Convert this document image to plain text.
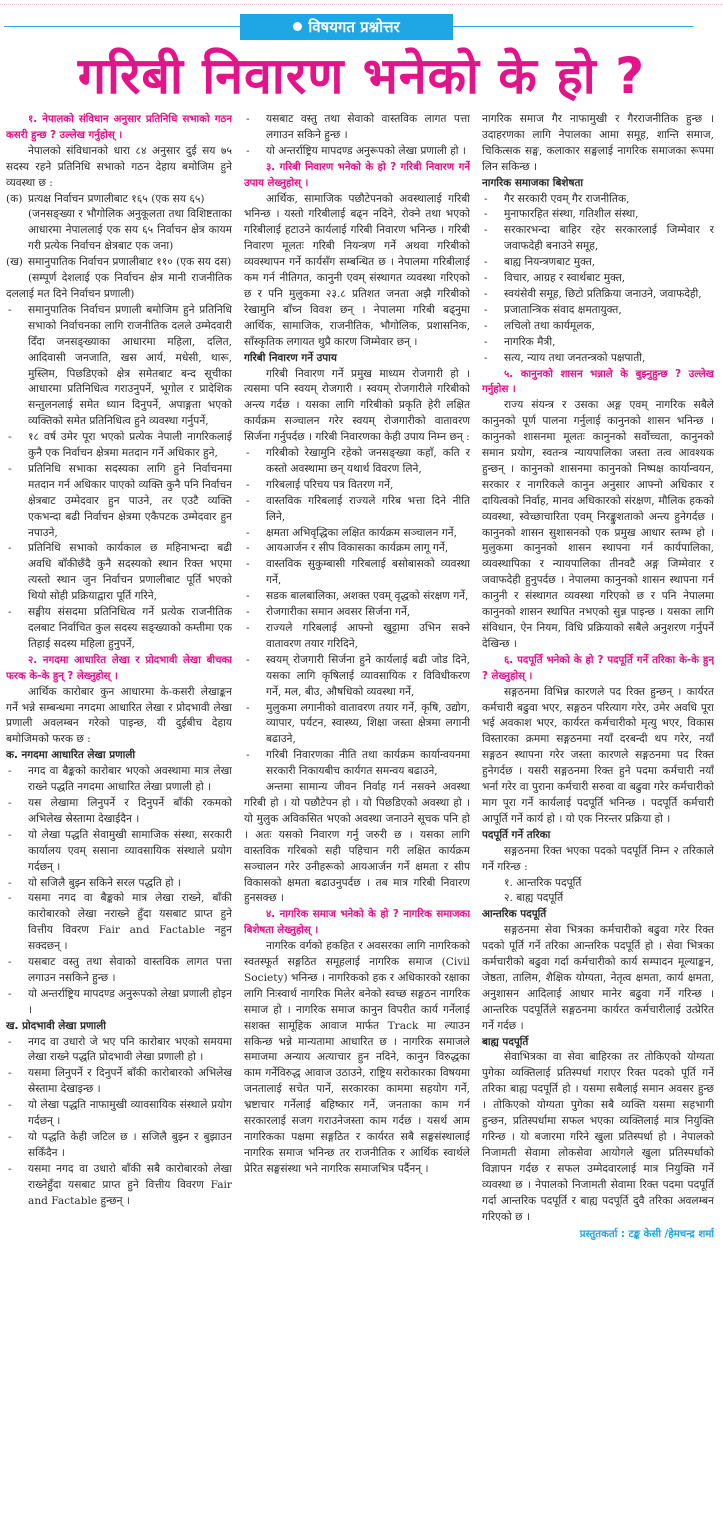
विषयगत प्रश्नोत्तर
गरिबी निवारण भनेको के हो ?

१. नेपालको संविधान अनुसार प्रतिनिधि सभाको गठन कसरी हुन्छ ? उल्लेख गर्नुहोस् ।

नेपालको संविधानको धारा ८४ अनुसार दुई सय ७५ सदस्य रहने प्रतिनिधि सभाको गठन देहाय बमोजिम हुने व्यवस्था छ :

(क) प्रत्यक्ष निर्वाचन प्रणालीबाट १६५ (एक सय ६५)

(जनसङ्ख्या र भौगोलिक अनुकूलता तथा विशिष्टताका आधारमा नेपाललाई एक सय ६५ निर्वाचन क्षेत्र कायम गरी प्रत्येक निर्वाचन क्षेत्रबाट एक जना)

(ख) समानुपातिक निर्वाचन प्रणालीबाट ११० (एक सय दस)

(सम्पूर्ण देशलाई एक निर्वाचन क्षेत्र मानी राजनीतिक दललाई मत दिने निर्वाचन प्रणाली)

- समानुपातिक निर्वाचन प्रणाली बमोजिम हुने प्रतिनिधि सभाको निर्वाचनका लागि राजनीतिक दलले उम्मेदवारी दिँदा जनसङ्ख्याका आधारमा महिला, दलित, आदिवासी जनजाति, खस आर्य, मधेसी, थारू, मुस्लिम, पिछडिएको क्षेत्र समेतबाट बन्द सूचीका आधारमा प्रतिनिधित्व गराउनुपर्ने, भूगोल र प्रादेशिक सन्तुलनलाई समेत ध्यान दिनुपर्ने, अपाङ्गता भएको व्यक्तिको समेत प्रतिनिधित्व हुने व्यवस्था गर्नुपर्ने,

- १८ वर्ष उमेर पूरा भएको प्रत्येक नेपाली नागरिकलाई कुनै एक निर्वाचन क्षेत्रमा मतदान गर्ने अधिकार हुने,

- प्रतिनिधि सभाका सदस्यका लागि हुने निर्वाचनमा मतदान गर्न अधिकार पाएको व्यक्ति कुनै पनि निर्वाचन क्षेत्रबाट उम्मेदवार हुन पाउने, तर एउटै व्यक्ति एकभन्दा बढी निर्वाचन क्षेत्रमा एकैपटक उम्मेदवार हुन नपाउने,

- प्रतिनिधि सभाको कार्यकाल छ महिनाभन्दा बढी अवधि बाँकीछँदै कुनै सदस्यको स्थान रिक्त भएमा त्यस्तो स्थान जुन निर्वाचन प्रणालीबाट पूर्ति भएको थियो सोही प्रक्रियाद्वारा पूर्ति गरिने,

- सङ्घीय संसदमा प्रतिनिधित्व गर्ने प्रत्येक राजनीतिक दलबाट निर्वाचित कुल सदस्य सङ्ख्याको कम्तीमा एक तिहाई सदस्य महिला हुनुपर्ने,

२. नगदमा आधारित लेखा र प्रोदभावी लेखा बीचका फरक के-के हुन् ? लेख्नुहोस् ।

आर्थिक कारोबार कुन आधारमा के-कसरी लेखाङ्कन गर्ने भन्ने सम्बन्धमा नगदमा आधारित लेखा र प्रोदभावी लेखा प्रणाली अवलम्बन गरेको पाइन्छ, यी दुईबीच देहाय बमोजिमको फरक छ :

क. नगदमा आधारित लेखा प्रणाली

- नगद वा बैङ्कको कारोबार भएको अवस्थामा मात्र लेखा राख्ने पद्धति नगदमा आधारित लेखा प्रणाली हो ।

- यस लेखामा लिनुपर्ने र दिनुपर्ने बाँकी रकमको अभिलेख स्रेस्तामा देखाईदैन ।

- यो लेखा पद्धति सेवामुखी सामाजिक संस्था, सरकारी कार्यालय एवम् ससाना व्यावसायिक संस्थाले प्रयोग गर्दछन् ।

- यो सजिलै बुझ्न सकिने सरल पद्धति हो ।

- यसमा नगद वा बैङ्कको मात्र लेखा राख्ने, बाँकी कारोबारको लेखा नराख्ने हुँदा यसबाट प्राप्त हुने वित्तीय विवरण Fair and Factable नहुन सक्दछन् ।

- यसबाट वस्तु तथा सेवाको वास्तविक लागत पत्ता लगाउन नसकिने हुन्छ ।

- यो अन्तर्राष्ट्रिय मापदण्ड अनुरूपको लेखा प्रणाली होइन ।

ख. प्रोदभावी लेखा प्रणाली

- नगद वा उधारो जे भए पनि कारोबार भएको समयमा लेखा राख्ने पद्धति प्रोदभावी लेखा प्रणाली हो ।

- यसमा लिनुपर्ने र दिनुपर्ने बाँकी कारोबारको अभिलेख स्रेस्तामा देखाइन्छ ।

- यो लेखा पद्धति नाफामुखी व्यावसायिक संस्थाले प्रयोग गर्दछन् ।

- यो पद्धति केही जटिल छ । सजिलै बुझ्न र बुझाउन सकिँदैन ।

- यसमा नगद वा उधारो बाँकी सबै कारोबारको लेखा राख्नेहुँदा यसबाट प्राप्त हुने वित्तीय विवरण Fair and Factable हुन्छन् ।

- यसबाट वस्तु तथा सेवाको वास्तविक लागत पत्ता लगाउन सकिने हुन्छ ।

- यो अन्तर्राष्ट्रिय मापदण्ड अनुरूपको लेखा प्रणाली हो ।

३. गरिबी निवारण भनेको के हो ? गरिबी निवारण गर्ने उपाय लेख्नुहोस् ।

आर्थिक, सामाजिक पछौटेपनको अवस्थालाई गरिबी भनिन्छ । यस्तो गरिबीलाई बढ्न नदिने, रोक्ने तथा भएको गरिबीलाई हटाउने कार्यलाई गरिबी निवारण भनिन्छ । गरिबी निवारण मूलतः गरिबी नियन्त्रण गर्ने अथवा गरिबीको व्यवस्थापन गर्ने कार्यसँग सम्बन्धित छ । नेपालमा गरिबीलाई कम गर्न नीतिगत, कानुनी एवम् संस्थागत व्यवस्था गरिएको छ र पनि मुलुकमा २३.८ प्रतिशत जनता अझै गरिबीको रेखामुनि बाँच्न विवश छन् । नेपालमा गरिबी बढ्नुमा आर्थिक, सामाजिक, राजनीतिक, भौगोलिक, प्रशासनिक, साँस्कृतिक लगायत थुप्रै कारण जिम्मेवार छन् ।

गरिबी निवारण गर्ने उपाय

गरिबी निवारण गर्ने प्रमुख माध्यम रोजगारी हो । त्यसमा पनि स्वयम् रोजगारी । स्वयम् रोजगारीले गरिबीको अन्त्य गर्दछ । यसका लागि गरिबीको प्रकृति हेरी लक्षित कार्यक्रम सञ्चालन गरेर स्वयम् रोजगारीको वातावरण सिर्जना गर्नुपर्दछ । गरिबी निवारणका केही उपाय निम्न छन् :

- गरिबीको रेखामुनि रहेको जनसङ्ख्या कहाँ, कति र कस्तो अवस्थामा छन् यथार्थ विवरण लिने,

- गरिबलाई परिचय पत्र वितरण गर्ने,

- वास्तविक गरिबलाई राज्यले गरिब भत्ता दिने नीति लिने,

- क्षमता अभिवृद्धिका लक्षित कार्यक्रम सञ्चालन गर्ने,

- आयआर्जन र सीप विकासका कार्यक्रम लागू गर्ने,

- वास्तविक सुकुम्बासी गरिबलाई बसोबासको व्यवस्था गर्ने,

- सडक बालबालिका, अशक्त एवम् वृद्धको संरक्षण गर्ने,

- रोजगारीका समान अवसर सिर्जना गर्ने,

- राज्यले गरिबलाई आफ्नो खुट्टामा उभिन सक्ने वातावरण तयार गरिदिने,

- स्वयम् रोजगारी सिर्जना हुने कार्यलाई बढी जोड दिने, यसका लागि कृषिलाई व्यावसायिक र विविधीकरण गर्ने, मल, बीउ, औषधिको व्यवस्था गर्ने,

- मुलुकमा लगानीको वातावरण तयार गर्ने, कृषि, उद्योग, व्यापार, पर्यटन, स्वास्थ्य, शिक्षा जस्ता क्षेत्रमा लगानी बढाउने,

- गरिबी निवारणका नीति तथा कार्यक्रम कार्यान्वयनमा सरकारी निकायबीच कार्यगत समन्वय बढाउने,

अन्तमा सामान्य जीवन निर्वाह गर्न नसक्ने अवस्था गरिबी हो । यो पछौटेपन हो । यो पिछडिएको अवस्था हो । यो मुलुक अविकसित भएको अवस्था जनाउने सूचक पनि हो । अतः यसको निवारण गर्नु जरुरी छ । यसका लागि वास्तविक गरिबको सही पहिचान गरी लक्षित कार्यक्रम सञ्चालन गरेर उनीहरूको आयआर्जन गर्ने क्षमता र सीप विकासको क्षमता बढाउनुपर्दछ । तब मात्र गरिबी निवारण हुनसक्छ ।

४. नागरिक समाज भनेको के हो ? नागरिक समाजका बिशेषता लेख्नुहोस् ।

नागरिक वर्गको हकहित र अवसरका लागि नागरिकको स्वतस्फूर्त सङ्गठित समूहलाई नागरिक समाज (Civil Society) भनिन्छ । नागरिकको हक र अधिकारको रक्षाका लागि निःस्वार्थ नागरिक मिलेर बनेको स्वच्छ सङ्गठन नागरिक समाज हो । नागरिक समाज कानुन विपरीत कार्य गर्नेलाई सशक्त सामूहिक आवाज मार्फत Track मा ल्याउन सकिन्छ भन्ने मान्यतामा आधारित छ । नागरिक समाजले समाजमा अन्याय अत्याचार हुन नदिने, कानुन विरुद्धका काम गर्नेविरुद्ध आवाज उठाउने, राष्ट्रिय सरोकारका विषयमा जनतालाई सचेत पार्ने, सरकारका काममा सहयोग गर्ने, भ्रष्टाचार गर्नेलाई बहिष्कार गर्ने, जनताका काम गर्न सरकारलाई सजग गराउनेजस्ता काम गर्दछ । यसर्थ आम नागरिकका पक्षमा सङ्गठित र कार्यरत सबै सङ्घसंस्थालाई नागरिक समाज भनिन्छ तर राजनीतिक र आर्थिक स्वार्थले प्रेरित सङ्घसंस्था भने नागरिक समाजभित्र पर्दैनन् ।

नागरिक समाज गैर नाफामुखी र गैरराजनीतिक हुन्छ । उदाहरणका लागि नेपालका आमा समूह, शान्ति समाज, चिकित्सक सङ्घ, कलाकार सङ्घलाई नागरिक समाजका रूपमा लिन सकिन्छ ।

नागरिक समाजका बिशेषता

- गैर सरकारी एवम् गैर राजनीतिक,

- मुनाफारहित संस्था, गतिशील संस्था,

- सरकारभन्दा बाहिर रहेर सरकारलाई जिम्मेवार र जवाफदेही बनाउने समूह,

- बाह्य नियन्त्रणबाट मुक्त,

- विचार, आग्रह र स्वार्थबाट मुक्त,

- स्वयंसेवी समूह, छिटो प्रतिक्रिया जनाउने, जवाफदेही,

- प्रजातान्त्रिक संवाद क्षमतायुक्त,

- लचिलो तथा कार्यमूलक,

- नागरिक मैत्री,

- सत्य, न्याय तथा जनतन्त्रको पक्षपाती,

५. कानुनको शासन भन्नाले के बुझ्नुहुन्छ ? उल्लेख गर्नुहोस ।

राज्य संयन्त्र र उसका अङ्ग एवम् नागरिक सबैले कानुनको पूर्ण पालना गर्नुलाई कानुनको शासन भनिन्छ । कानुनको शासनमा मूलतः कानुनको सर्वोच्चता, कानुनको समान प्रयोग, स्वतन्त्र न्यायपालिका जस्ता तत्व आवश्यक हुन्छन् । कानुनको शासनमा कानुनको निष्पक्ष कार्यान्वयन, सरकार र नागरिकले कानुन अनुसार आफ्नो अधिकार र दायित्वको निर्वाह, मानव अधिकारको संरक्षण, मौलिक हकको व्यवस्था, स्वेच्छाचारिता एवम् निरङ्कुशताको अन्त्य हुनेगर्दछ । कानुनको शासन सुशासनको एक प्रमुख आधार स्तम्भ हो । मुलुकमा कानुनको शासन स्थापना गर्न कार्यपालिका, व्यवस्थापिका र न्यायपालिका तीनवटै अङ्ग जिम्मेवार र जवाफदेही हुनुपर्दछ । नेपालमा कानुनको शासन स्थापना गर्न कानुनी र संस्थागत व्यवस्था गरिएको छ र पनि नेपालमा कानुनको शासन स्थापित नभएको सुन्न पाइन्छ । यसका लागि संविधान, ऐन नियम, विधि प्रक्रियाको सबैले अनुशरण गर्नुपर्ने देखिन्छ ।

६. पदपूर्ति भनेको के हो ? पदपूर्ति गर्ने तरिका के-के हुन् ? लेख्नुहोस् ।

सङ्गठनमा विभिन्न कारणले पद रिक्त हुन्छन् । कार्यरत कर्मचारी बढुवा भएर, सङ्गठन परित्याग गरेर, उमेर अवधि पूरा भई अवकाश भएर, कार्यरत कर्मचारीको मृत्यु भएर, विकास विस्तारका क्रममा सङ्गठनमा नयाँ दरबन्दी थप गरेर, नयाँ सङ्गठन स्थापना गरेर जस्ता कारणले सङ्गठनमा पद रिक्त हुनेगर्दछ । यसरी सङ्गठनमा रिक्त हुने पदमा कर्मचारी नयाँ भर्ना गरेर वा पुराना कर्मचारी सरुवा वा बढुवा गरेर कर्मचारीको माग पूरा गर्ने कार्यलाई पदपूर्ति भनिन्छ । पदपूर्ति कर्मचारी आपूर्ति गर्ने कार्य हो । यो एक निरन्तर प्रक्रिया हो ।

पदपूर्ति गर्ने तरिका

सङ्गठनमा रिक्त भएका पदको पदपूर्ति निम्न २ तरिकाले गर्ने गरिन्छ :

१. आन्तरिक पदपूर्ति

२. बाह्य पदपूर्ति

आन्तरिक पदपूर्ति

सङ्गठनमा सेवा भित्रका कर्मचारीको बढुवा गरेर रिक्त पदको पूर्ति गर्ने तरिका आन्तरिक पदपूर्ति हो । सेवा भित्रका कर्मचारीको बढुवा गर्दा कर्मचारीको कार्य सम्पादन मूल्याङ्कन, जेष्ठता, तालिम, शैक्षिक योग्यता, नेतृत्व क्षमता, कार्य क्षमता, अनुशासन आदिलाई आधार मानेर बढुवा गर्ने गरिन्छ । आन्तरिक पदपूर्तिले सङ्गठनमा कार्यरत कर्मचारीलाई उत्प्रेरित गर्ने गर्दछ ।

बाह्य पदपूर्ति

सेवाभित्रका वा सेवा बाहिरका तर तोकिएको योग्यता पुगेका व्यक्तिलाई प्रतिस्पर्धा गराएर रिक्त पदको पूर्ति गर्ने तरिका बाह्य पदपूर्ति हो । यसमा सबैलाई समान अवसर हुन्छ । तोकिएको योग्यता पुगेका सबै व्यक्ति यसमा सहभागी हुन्छन, प्रतिस्पर्धामा सफल भएका व्यक्तिलाई मात्र नियुक्ति गरिन्छ । यो बजारमा गरिने खुला प्रतिस्पर्धा हो । नेपालको निजामती सेवामा लोकसेवा आयोगले खुला प्रतिस्पर्धाको विज्ञापन गर्दछ र सफल उम्मेदवारलाई मात्र नियुक्ति गर्ने व्यवस्था छ । नेपालको निजामती सेवामा रिक्त पदमा पदपूर्ति गर्दा आन्तरिक पदपूर्ति र बाह्य पदपूर्ति दुवै तरिका अवलम्बन गरिएको छ ।

प्रस्तुतकर्ता : टङ्क केसी /हेमचन्द्र शर्मा
